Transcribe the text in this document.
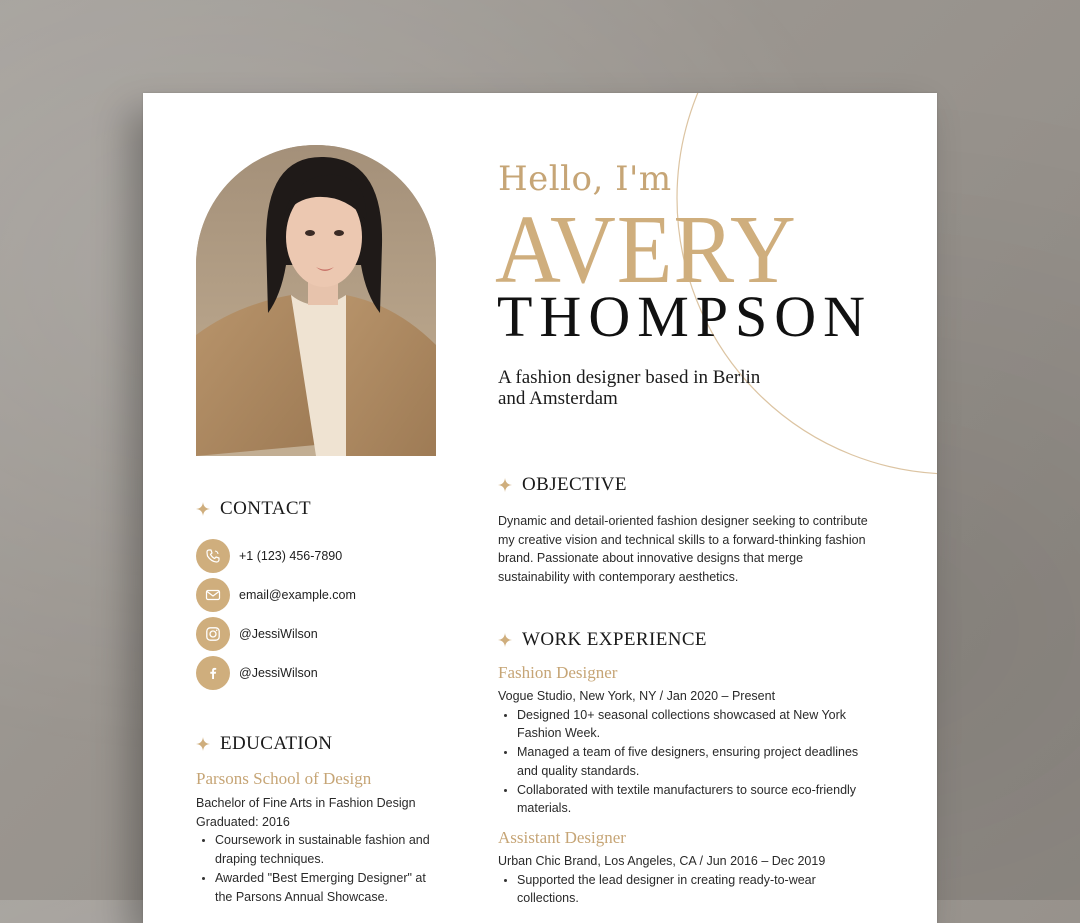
Hello, I'm
AVERY
THOMPSON
A fashion designer based in Berlin and Amsterdam
CONTACT
+1 (123) 456-7890
email@example.com
@JessiWilson
@JessiWilson
EDUCATION
Parsons School of Design
Bachelor of Fine Arts in Fashion Design
Graduated: 2016
Coursework in sustainable fashion and draping techniques.
Awarded "Best Emerging Designer" at the Parsons Annual Showcase.
OBJECTIVE
Dynamic and detail-oriented fashion designer seeking to contribute my creative vision and technical skills to a forward-thinking fashion brand. Passionate about innovative designs that merge sustainability with contemporary aesthetics.
WORK EXPERIENCE
Fashion Designer
Vogue Studio, New York, NY / Jan 2020 – Present
Designed 10+ seasonal collections showcased at New York Fashion Week.
Managed a team of five designers, ensuring project deadlines and quality standards.
Collaborated with textile manufacturers to source eco-friendly materials.
Assistant Designer
Urban Chic Brand, Los Angeles, CA / Jun 2016 – Dec 2019
Supported the lead designer in creating ready-to-wear collections.
